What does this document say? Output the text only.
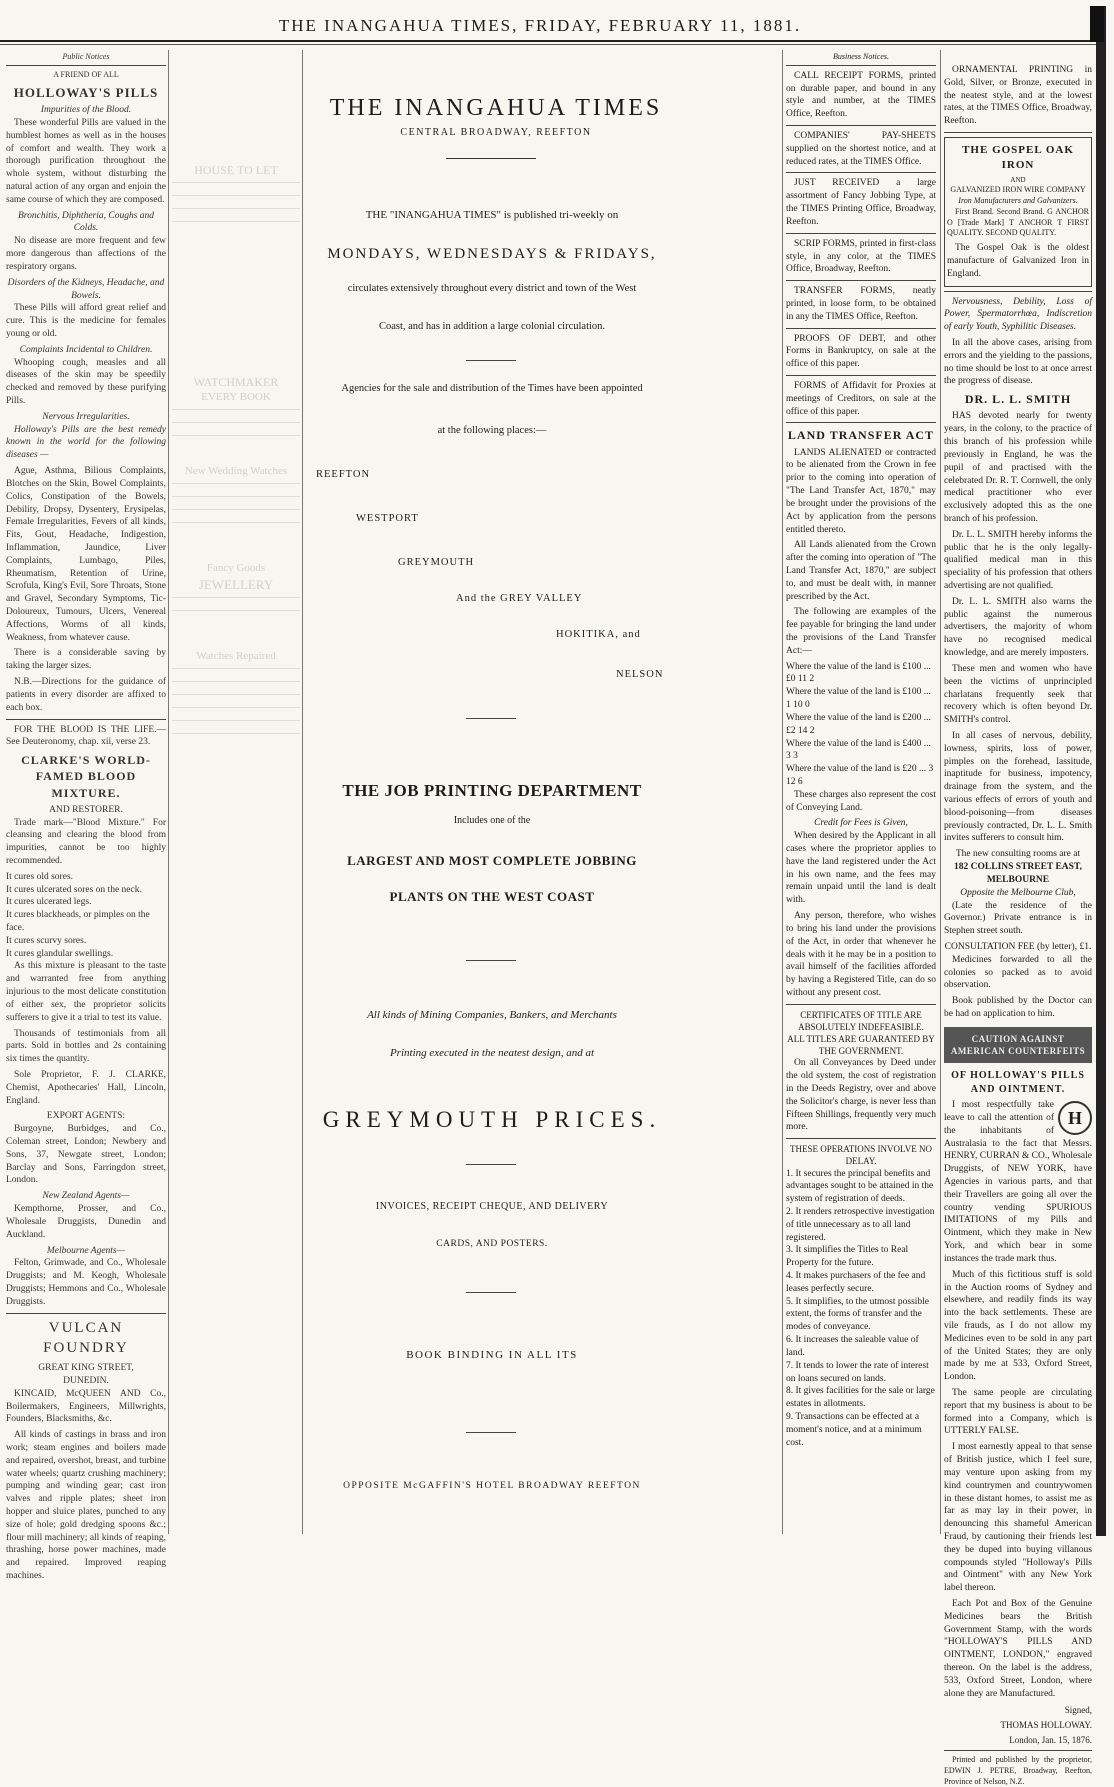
THE INANGAHUA TIMES, FRIDAY, FEBRUARY 11, 1881.
Public Notices
A FRIEND OF ALL
HOLLOWAY'S PILLS
Impurities of the Blood.

These wonderful Pills are valued in the humblest homes as well as in the houses of comfort and wealth. They work a thorough purification throughout the whole system, without disturbing the natural action of any organ and enjoin the same course of which they are composed.

Bronchitis, Diphtheria, Coughs and Colds.

No disease are more frequent and few more dangerous than affections of the respiratory organs.

Disorders of the Kidneys, Headache, and Bowels.

These Pills will afford great relief and cure. This is the medicine for females young or old.

Complaints Incidental to Children.

Whooping cough, measles and all diseases of the skin may be speedily checked and removed by these purifying Pills.

Nervous Irregularities.

Holloway's Pills are the best remedy known in the world for the following diseases —

Ague, Asthma, Bilious Complaints, Blotches on the Skin, Bowel Complaints, Colics, Constipation of the Bowels, Debility, Dropsy, Dysentery, Erysipelas, Female Irregularities, Fevers of all kinds, Fits, Gout, Headache, Indigestion, Inflammation, Jaundice, Liver Complaints, Lumbago, Piles, Rheumatism, Retention of Urine, Scrofula, King's Evil, Sore Throats, Stone and Gravel, Secondary Symptoms, Tic-Doloureux, Tumours, Ulcers, Venereal Affections, Worms of all kinds, Weakness, from whatever cause.

There is a considerable saving by taking the larger sizes.

N.B.—Directions for the guidance of patients in every disorder are affixed to each box.

FOR THE BLOOD IS THE LIFE.—See Deuteronomy, chap. xii, verse 23.

CLARKE'S WORLD-FAMED BLOOD MIXTURE.
AND RESTORER.

Trade mark—"Blood Mixture." For cleansing and clearing the blood from impurities, cannot be too highly recommended.

It cures old sores.
It cures ulcerated sores on the neck.
It cures ulcerated legs.
It cures blackheads, or pimples on the face.
It cures scurvy sores.
It cures glandular swellings.

As this mixture is pleasant to the taste and warranted free from anything injurious to the most delicate constitution of either sex, the proprietor solicits sufferers to give it a trial to test its value.

Thousands of testimonials from all parts. Sold in bottles and 2s containing six times the quantity.

Sole Proprietor, F. J. CLARKE, Chemist, Apothecaries' Hall, Lincoln, England.

EXPORT AGENTS:

Burgoyne, Burbidges, and Co., Coleman street, London; Newbery and Sons, 37, Newgate street, London; Barclay and Sons, Farringdon street, London.

New Zealand Agents—

Kempthorne, Prosser, and Co., Wholesale Druggists, Dunedin and Auckland.

Melbourne Agents—

Felton, Grimwade, and Co., Wholesale Druggists; and M. Keogh, Wholesale Druggists; Hemmons and Co., Wholesale Druggists.

VULCAN FOUNDRY
GREAT KING STREET,
DUNEDIN.

KINCAID, McQUEEN AND Co., Boilermakers, Engineers, Millwrights, Founders, Blacksmiths, &c.

All kinds of castings in brass and iron work; steam engines and boilers made and repaired, overshot, breast, and turbine water wheels; quartz crushing machinery; pumping and winding gear; cast iron valves and ripple plates; sheet iron hopper and sluice plates, punched to any size of hole; gold dredging spoons &c.; flour mill machinery; all kinds of reaping, thrashing, horse power machines, made and repaired. Improved reaping machines.

HOUSE TO LET
WATCHMAKER
EVERY BOOK
New Wedding Watches
Fancy Goods
JEWELLERY
Watches Repaired
THE INANGAHUA TIMES
CENTRAL BROADWAY, REEFTON
THE "INANGAHUA TIMES" is published tri-weekly on
MONDAYS, WEDNESDAYS & FRIDAYS,
circulates extensively throughout every district and town of the West
Coast, and has in addition a large colonial circulation.
Agencies for the sale and distribution of the Times have been appointed
at the following places:—
REEFTON
WESTPORT
GREYMOUTH
And the GREY VALLEY
HOKITIKA, and
NELSON
THE JOB PRINTING DEPARTMENT
Includes one of the
LARGEST AND MOST COMPLETE JOBBING
PLANTS ON THE WEST COAST
All kinds of Mining Companies, Bankers, and Merchants
Printing executed in the neatest design, and at
GREYMOUTH PRICES.
INVOICES, RECEIPT CHEQUE, AND DELIVERY
CARDS, AND POSTERS.
BOOK BINDING IN ALL ITS
OPPOSITE McGAFFIN'S HOTEL BROADWAY REEFTON
Business Notices.

CALL RECEIPT FORMS, printed on durable paper, and bound in any style and number, at the TIMES Office, Reefton.

COMPANIES' PAY-SHEETS supplied on the shortest notice, and at reduced rates, at the TIMES Office.

JUST RECEIVED a large assortment of Fancy Jobbing Type, at the TIMES Printing Office, Broadway, Reefton.

SCRIP FORMS, printed in first-class style, in any color, at the TIMES Office, Broadway, Reefton.

TRANSFER FORMS, neatly printed, in loose form, to be obtained in any the TIMES Office, Reefton.

PROOFS OF DEBT, and other Forms in Bankruptcy, on sale at the office of this paper.

FORMS of Affidavit for Proxies at meetings of Creditors, on sale at the office of this paper.

LAND TRANSFER ACT

LANDS ALIENATED or contracted to be alienated from the Crown in fee prior to the coming into operation of "The Land Transfer Act, 1870," may be brought under the provisions of the Act by application from the persons entitled thereto.

All Lands alienated from the Crown after the coming into operation of "The Land Transfer Act, 1870," are subject to, and must be dealt with, in manner prescribed by the Act.

The following are examples of the fee payable for bringing the land under the provisions of the Land Transfer Act:—

Where the value of the land is £100 ... £0 11 2
Where the value of the land is £100 ... 1 10 0
Where the value of the land is £200 ... £2 14 2
Where the value of the land is £400 ... 3 3
Where the value of the land is £20 ... 3 12 6

These charges also represent the cost of Conveying Land.

Credit for Fees is Given,

When desired by the Applicant in all cases where the proprietor applies to have the land registered under the Act in his own name, and the fees may remain unpaid until the land is dealt with.

Any person, therefore, who wishes to bring his land under the provisions of the Act, in order that whenever he deals with it he may be in a position to avail himself of the facilities afforded by having a Registered Title, can do so without any present cost.

CERTIFICATES OF TITLE ARE ABSOLUTELY INDEFEASIBLE.
ALL TITLES ARE GUARANTEED BY THE GOVERNMENT.

On all Conveyances by Deed under the old system, the cost of registration in the Deeds Registry, over and above the Solicitor's charge, is never less than Fifteen Shillings, frequently very much more.

THESE OPERATIONS INVOLVE NO DELAY.
1. It secures the principal benefits and advantages sought to be attained in the system of registration of deeds.
2. It renders retrospective investigation of title unnecessary as to all land registered.
3. It simplifies the Titles to Real Property for the future.
4. It makes purchasers of the fee and leases perfectly secure.
5. It simplifies, to the utmost possible extent, the forms of transfer and the modes of conveyance.
6. It increases the saleable value of land.
7. It tends to lower the rate of interest on loans secured on lands.
8. It gives facilities for the sale or large estates in allotments.
9. Transactions can be effected at a moment's notice, and at a minimum cost.

ORNAMENTAL PRINTING in Gold, Silver, or Bronze, executed in the neatest style, and at the lowest rates, at the TIMES Office, Broadway, Reefton.

THE GOSPEL OAK IRON
AND
GALVANIZED IRON WIRE COMPANY
Iron Manufacturers and Galvanizers.

First Brand. Second Brand. G ANCHOR O [Trade Mark] T ANCHOR T FIRST QUALITY. SECOND QUALITY.

The Gospel Oak is the oldest manufacture of Galvanized Iron in England.

Nervousness, Debility, Loss of Power, Spermatorrhœa, Indiscretion of early Youth, Syphilitic Diseases.

In all the above cases, arising from errors and the yielding to the passions, no time should be lost to at once arrest the progress of disease.

DR. L. L. SMITH

HAS devoted nearly for twenty years, in the colony, to the practice of this branch of his profession while previously in England, he was the pupil of and practised with the celebrated Dr. R. T. Cornwell, the only medical practitioner who ever exclusively adopted this as the one branch of his profession.

Dr. L. L. SMITH hereby informs the public that he is the only legally-qualified medical man in this speciality of his profession that others advertising are not qualified.

Dr. L. L. SMITH also warns the public against the numerous advertisers, the majority of whom have no recognised medical knowledge, and are merely imposters.

These men and women who have been the victims of unprincipled charlatans frequently seek that recovery which is often beyond Dr. SMITH's control.

In all cases of nervous, debility, lowness, spirits, loss of power, pimples on the forehead, lassitude, inaptitude for business, impotency, drainage from the system, and the various effects of errors of youth and blood-poisoning—from diseases previously contracted, Dr. L. L. Smith invites sufferers to consult him.

The new consulting rooms are at
182 COLLINS STREET EAST, MELBOURNE
Opposite the Melbourne Club,

(Late the residence of the Governor.) Private entrance is in Stephen street south.

CONSULTATION FEE (by letter), £1.

Medicines forwarded to all the colonies so packed as to avoid observation.

Book published by the Doctor can be had on application to him.

CAUTION AGAINST AMERICAN COUNTERFEITS
OF HOLLOWAY'S PILLS AND OINTMENT.
H

I most respectfully take leave to call the attention of the inhabitants of Australasia to the fact that Messrs. HENRY, CURRAN & CO., Wholesale Druggists, of NEW YORK, have Agencies in various parts, and that their Travellers are going all over the country vending SPURIOUS IMITATIONS of my Pills and Ointment, which they make in New York, and which bear in some instances the trade mark thus.

Much of this fictitious stuff is sold in the Auction rooms of Sydney and elsewhere, and readily finds its way into the back settlements. These are vile frauds, as I do not allow my Medicines even to be sold in any part of the United States; they are only made by me at 533, Oxford Street, London.

The same people are circulating report that my business is about to be formed into a Company, which is UTTERLY FALSE.

I most earnestly appeal to that sense of British justice, which I feel sure, may venture upon asking from my kind countrymen and countrywomen in these distant homes, to assist me as far as may lay in their power, in denouncing this shameful American Fraud, by cautioning their friends lest they be duped into buying villanous compounds styled "Holloway's Pills and Ointment" with any New York label thereon.

Each Pot and Box of the Genuine Medicines bears the British Government Stamp, with the words "HOLLOWAY'S PILLS AND OINTMENT, LONDON," engraved thereon. On the label is the address, 533, Oxford Street, London, where alone they are Manufactured.

Signed,
THOMAS HOLLOWAY.
London, Jan. 15, 1876.

Printed and published by the proprietor, EDWIN J. PETRE, Broadway, Reefton, Province of Nelson, N.Z.
